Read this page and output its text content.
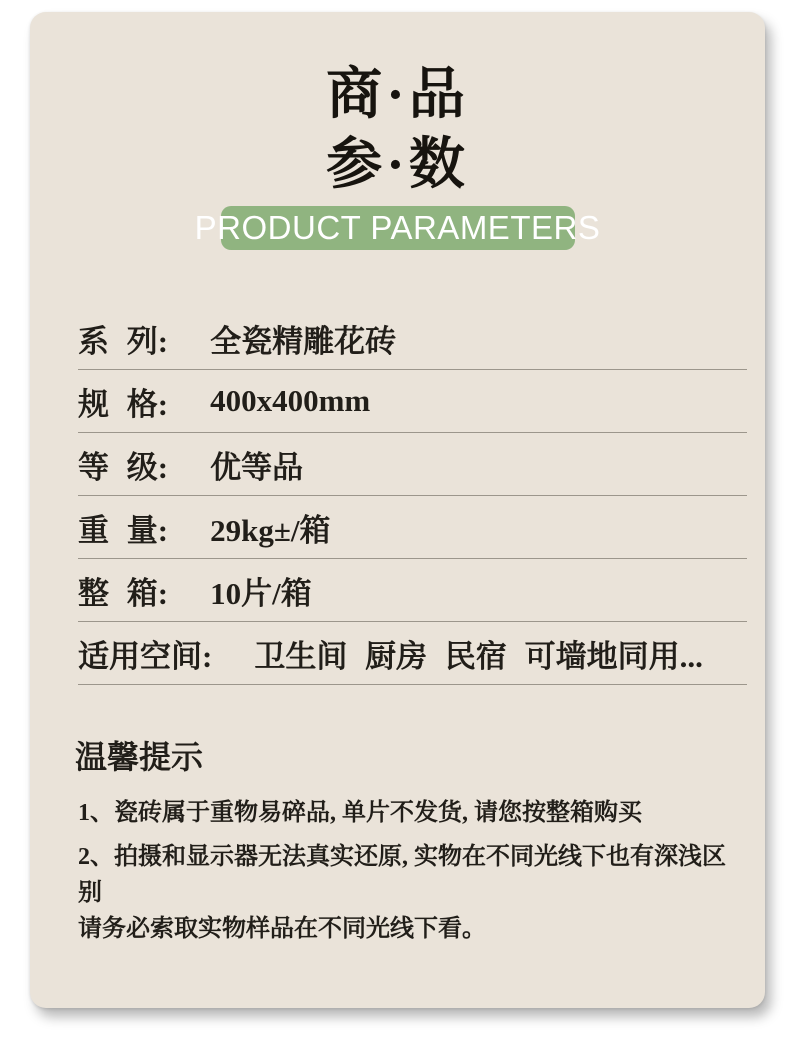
商·品
参·数
PRODUCT PARAMETERS
系 列: 全瓷精雕花砖
规 格: 400x400mm
等 级: 优等品
重 量: 29kg±/箱
整 箱: 10片/箱
适用空间: 卫生间 厨房 民宿 可墙地同用...
温馨提示

1、瓷砖属于重物易碎品, 单片不发货, 请您按整箱购买

2、拍摄和显示器无法真实还原, 实物在不同光线下也有深浅区别

请务必索取实物样品在不同光线下看。
